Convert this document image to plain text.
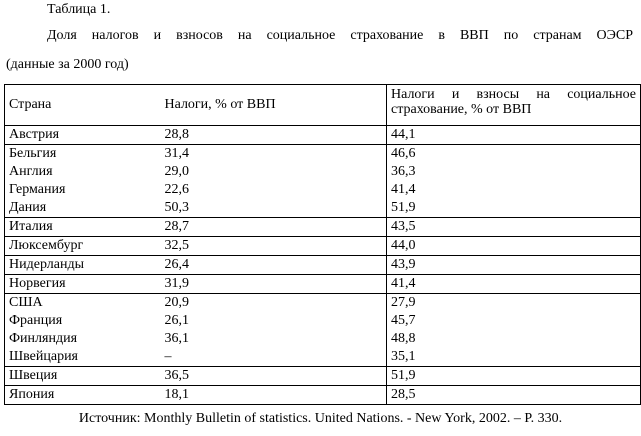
Таблица 1.
Доля налогов и взносов на социальное страхование в ВВП по странам ОЭСР
(данные за 2000 год)
Страна	Налоги, % от ВВП	Налоги и взносы на социальное страхование, % от ВВП
Австрия	28,8	44,1
Бельгия	31,4	46,6
Англия	29,0	36,3
Германия	22,6	41,4
Дания	50,3	51,9
Италия	28,7	43,5
Люксембург	32,5	44,0
Нидерланды	26,4	43,9
Норвегия	31,9	41,4
США	20,9	27,9
Франция	26,1	45,7
Финляндия	36,1	48,8
Швейцария	–	35,1
Швеция	36,5	51,9
Япония	18,1	28,5
Источник: Monthly Bulletin of statistics. United Nations. - New York, 2002. – P. 330.
